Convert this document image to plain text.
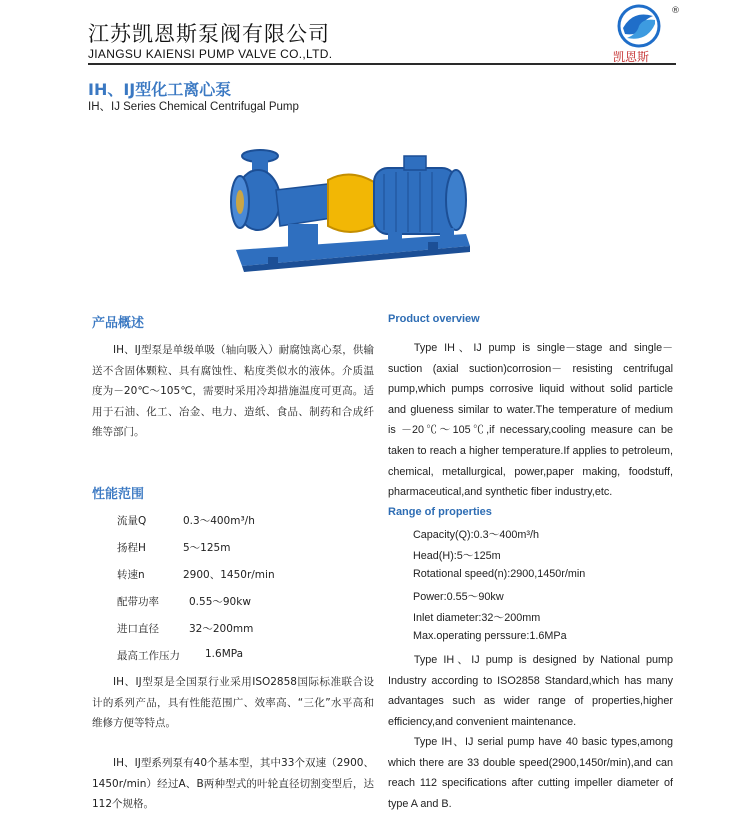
江苏凯恩斯泵阀有限公司
JIANGSU KAIENSI PUMP VALVE CO.,LTD.
®
凯恩斯
IH、IJ型化工离心泵
IH、IJ Series Chemical Centrifugal Pump
产品概述
IH、IJ型泵是单级单吸（轴向吸入）耐腐蚀离心泵，供输送不含固体颗粒、具有腐蚀性、粘度类似水的液体。介质温度为－20℃～105℃，需要时采用冷却措施温度可更高。适用于石油、化工、冶金、电力、造纸、食品、制药和合成纤维等部门。
性能范围
流量Q	0.3～400m³/h
扬程H	5～125m
转速n	2900、1450r/min
配带功率	0.55～90kw
进口直径	32～200mm
最高工作压力 1.6MPa
IH、IJ型泵是全国泵行业采用ISO2858国际标准联合设计的系列产品，具有性能范围广、效率高、“三化”水平高和维修方便等特点。
IH、IJ型系列泵有40个基本型，其中33个双速（2900、1450r/min）经过A、B两种型式的叶轮直径切割变型后，达112个规格。
Product overview
Type IH、IJ pump is single－stage and single－suction (axial suction)corrosion－ resisting centrifugal pump,which pumps corrosive liquid without solid particle and glueness similar to water.The temperature of medium is －20℃～105℃,if necessary,cooling measure can be taken to reach a higher temperature.If applies to petroleum, chemical, metallurgical, power,paper making, foodstuff, pharmaceutical,and synthetic fiber industry,etc.
Range of properties
Capacity(Q):0.3～400m³/h
Head(H):5～125m
Rotational speed(n):2900,1450r/min
Power:0.55～90kw
Inlet diameter:32～200mm
Max.operating perssure:1.6MPa
Type IH、IJ pump is designed by National pump Industry according to ISO2858 Standard,which has many advantages such as wider range of properties,higher efficiency,and convenient maintenance.
Type IH、IJ serial pump have 40 basic types,among which there are 33 double speed(2900,1450r/min),and can reach 112 specifications after cutting impeller diameter of type A and B.
